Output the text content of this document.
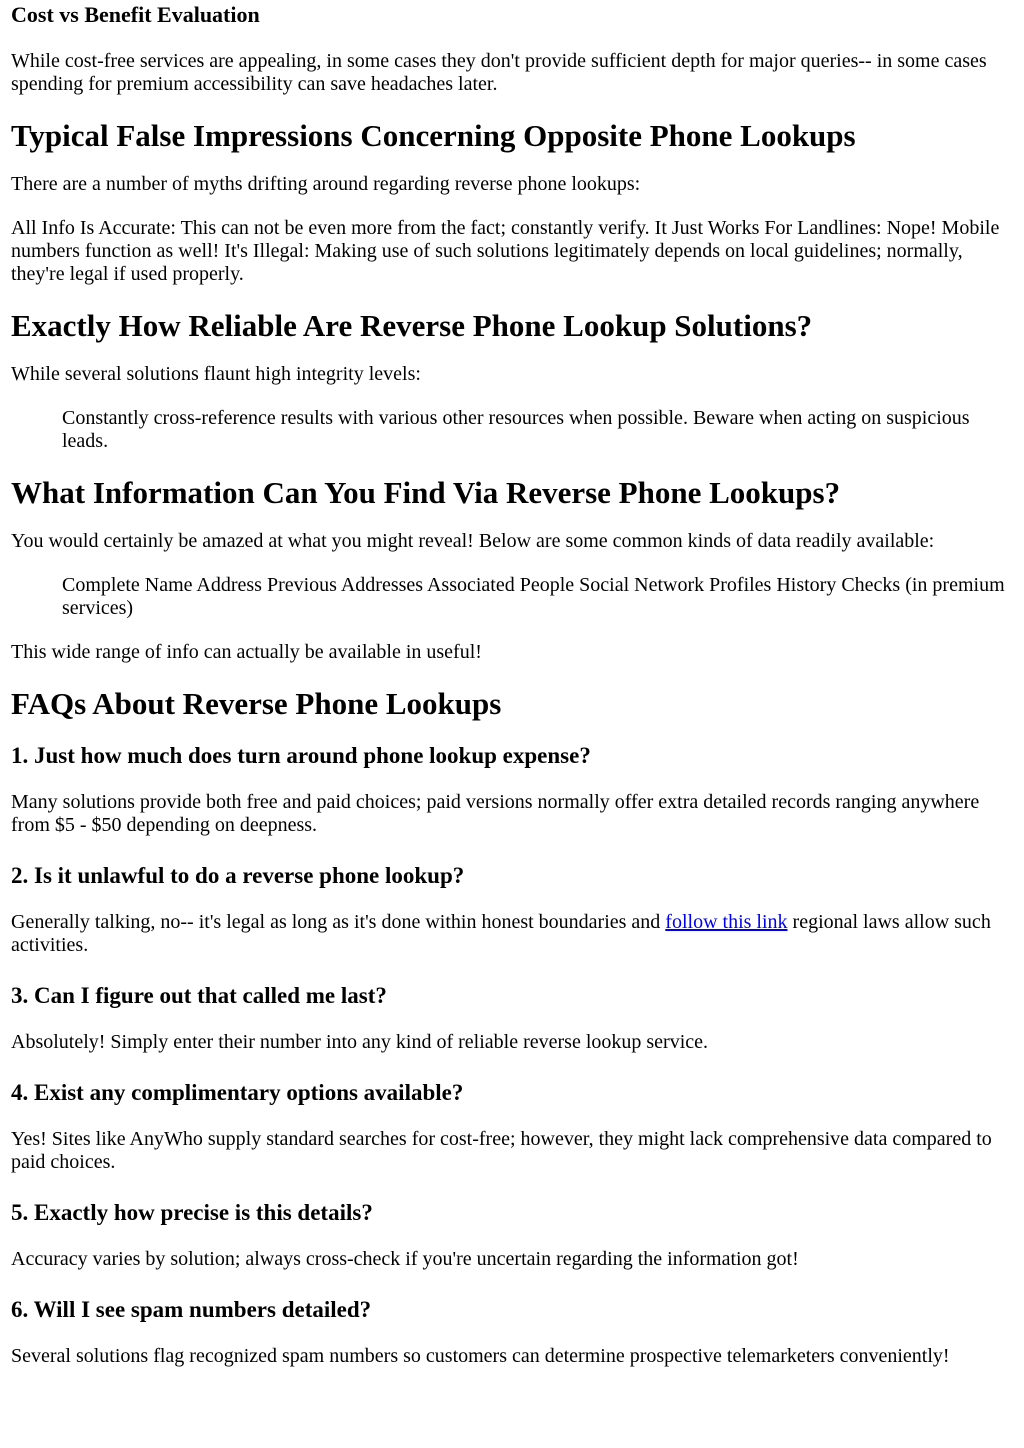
Cost vs Benefit Evaluation

While cost-free services are appealing, in some cases they don't provide sufficient depth for major queries-- in some cases spending for premium accessibility can save headaches later.

Typical False Impressions Concerning Opposite Phone Lookups

There are a number of myths drifting around regarding reverse phone lookups:

All Info Is Accurate: This can not be even more from the fact; constantly verify. It Just Works For Landlines: Nope! Mobile numbers function as well! It's Illegal: Making use of such solutions legitimately depends on local guidelines; normally, they're legal if used properly.

Exactly How Reliable Are Reverse Phone Lookup Solutions?

While several solutions flaunt high integrity levels:

Constantly cross-reference results with various other resources when possible. Beware when acting on suspicious leads.
What Information Can You Find Via Reverse Phone Lookups?

You would certainly be amazed at what you might reveal! Below are some common kinds of data readily available:

Complete Name Address Previous Addresses Associated People Social Network Profiles History Checks (in premium services)

This wide range of info can actually be available in useful!

FAQs About Reverse Phone Lookups
1. Just how much does turn around phone lookup expense?

Many solutions provide both free and paid choices; paid versions normally offer extra detailed records ranging anywhere from $5 - $50 depending on deepness.

2. Is it unlawful to do a reverse phone lookup?

Generally talking, no-- it's legal as long as it's done within honest boundaries and follow this link regional laws allow such activities.

3. Can I figure out that called me last?

Absolutely! Simply enter their number into any kind of reliable reverse lookup service.

4. Exist any complimentary options available?

Yes! Sites like AnyWho supply standard searches for cost-free; however, they might lack comprehensive data compared to paid choices.

5. Exactly how precise is this details?

Accuracy varies by solution; always cross-check if you're uncertain regarding the information got!

6. Will I see spam numbers detailed?

Several solutions flag recognized spam numbers so customers can determine prospective telemarketers conveniently!
